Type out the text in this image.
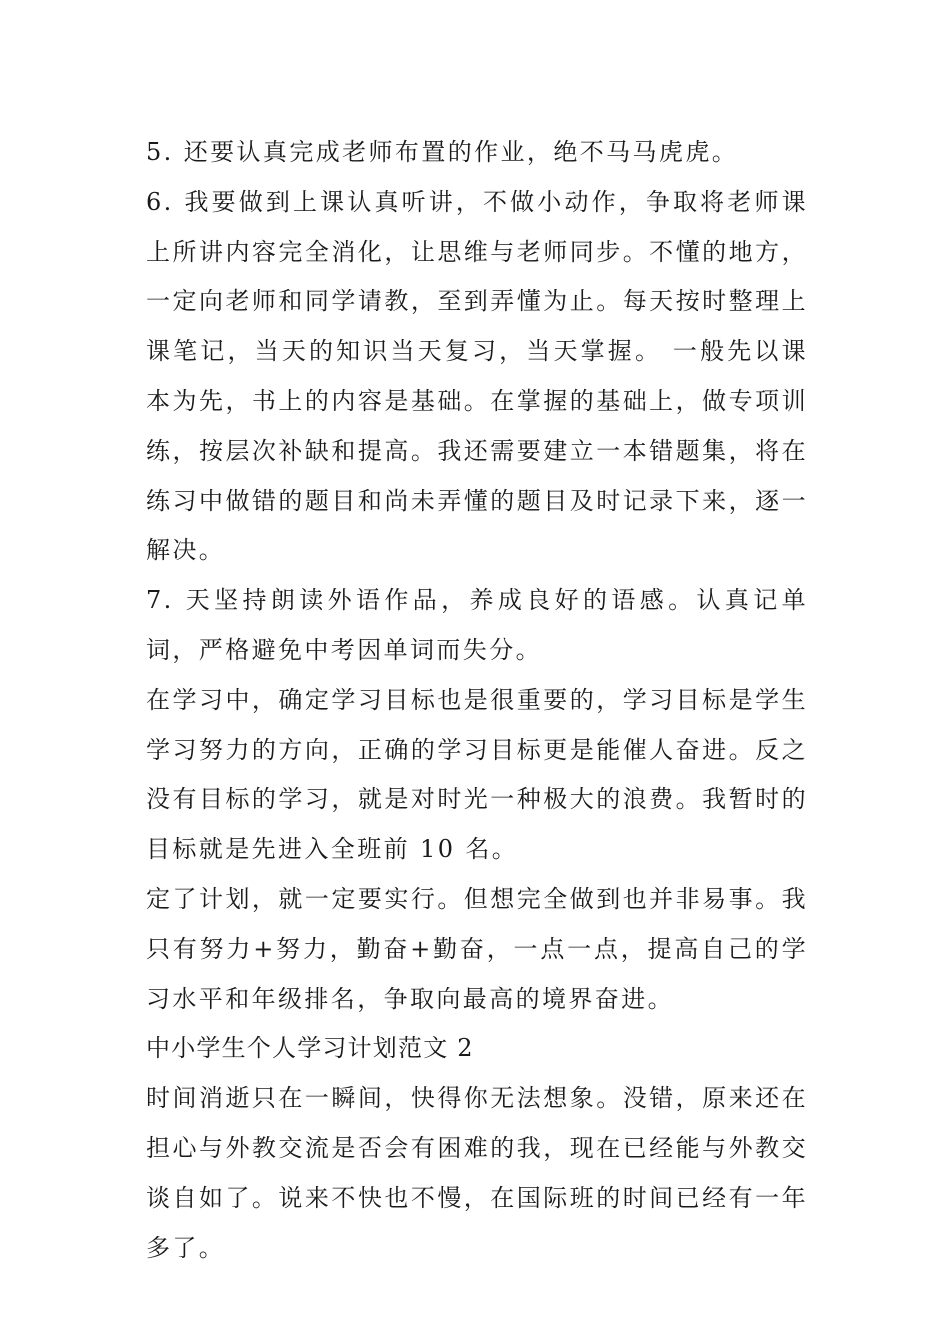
5. 还要认真完成老师布置的作业，绝不马马虎虎。

6. 我要做到上课认真听讲，不做小动作，争取将老师课上所讲内容完全消化，让思维与老师同步。不懂的地方，一定向老师和同学请教，至到弄懂为止。每天按时整理上课笔记，当天的知识当天复习，当天掌握。 一般先以课本为先，书上的内容是基础。在掌握的基础上，做专项训练，按层次补缺和提高。我还需要建立一本错题集，将在练习中做错的题目和尚未弄懂的题目及时记录下来，逐一解决。

7. 天坚持朗读外语作品，养成良好的语感。认真记单词，严格避免中考因单词而失分。

在学习中，确定学习目标也是很重要的，学习目标是学生学习努力的方向，正确的学习目标更是能催人奋进。反之没有目标的学习，就是对时光一种极大的浪费。我暂时的目标就是先进入全班前 10 名。

定了计划，就一定要实行。但想完全做到也并非易事。我只有努力+努力，勤奋+勤奋，一点一点，提高自己的学习水平和年级排名，争取向最高的境界奋进。

中小学生个人学习计划范文 2

时间消逝只在一瞬间，快得你无法想象。没错，原来还在担心与外教交流是否会有困难的我，现在已经能与外教交谈自如了。说来不快也不慢，在国际班的时间已经有一年多了。
